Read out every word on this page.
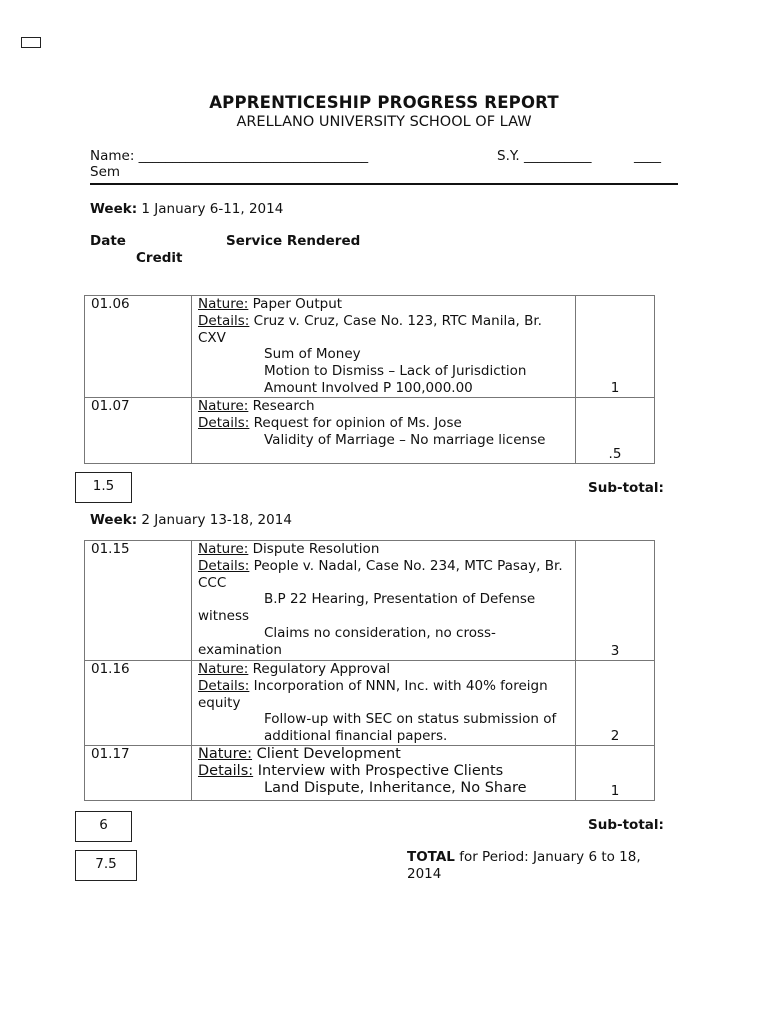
APPRENTICESHIP PROGRESS REPORT
ARELLANO UNIVERSITY SCHOOL OF LAW
Name: __________________________________	S.Y. __________	____
Sem
Week: 1 January 6-11, 2014
Date	Service Rendered
Credit
01.06	Nature: Paper Output
Details: Cruz v. Cruz, Case No. 123, RTC Manila, Br. CXV
Sum of Money
Motion to Dismiss – Lack of Jurisdiction
Amount Involved P 100,000.00	1
01.07	Nature: Research
Details: Request for opinion of Ms. Jose
Validity of Marriage – No marriage license	.5
1.5	Sub-total:
Week: 2 January 13-18, 2014
01.15	Nature: Dispute Resolution
Details: People v. Nadal, Case No. 234, MTC Pasay, Br. CCC
B.P 22 Hearing, Presentation of Defense witness
Claims no consideration, no cross-examination	3
01.16	Nature: Regulatory Approval
Details: Incorporation of NNN, Inc. with 40% foreign equity
Follow-up with SEC on status submission of additional financial papers.	2
01.17	Nature: Client Development
Details: Interview with Prospective Clients
Land Dispute, Inheritance, No Share	1
6	Sub-total:
7.5	TOTAL for Period: January 6 to 18, 2014
